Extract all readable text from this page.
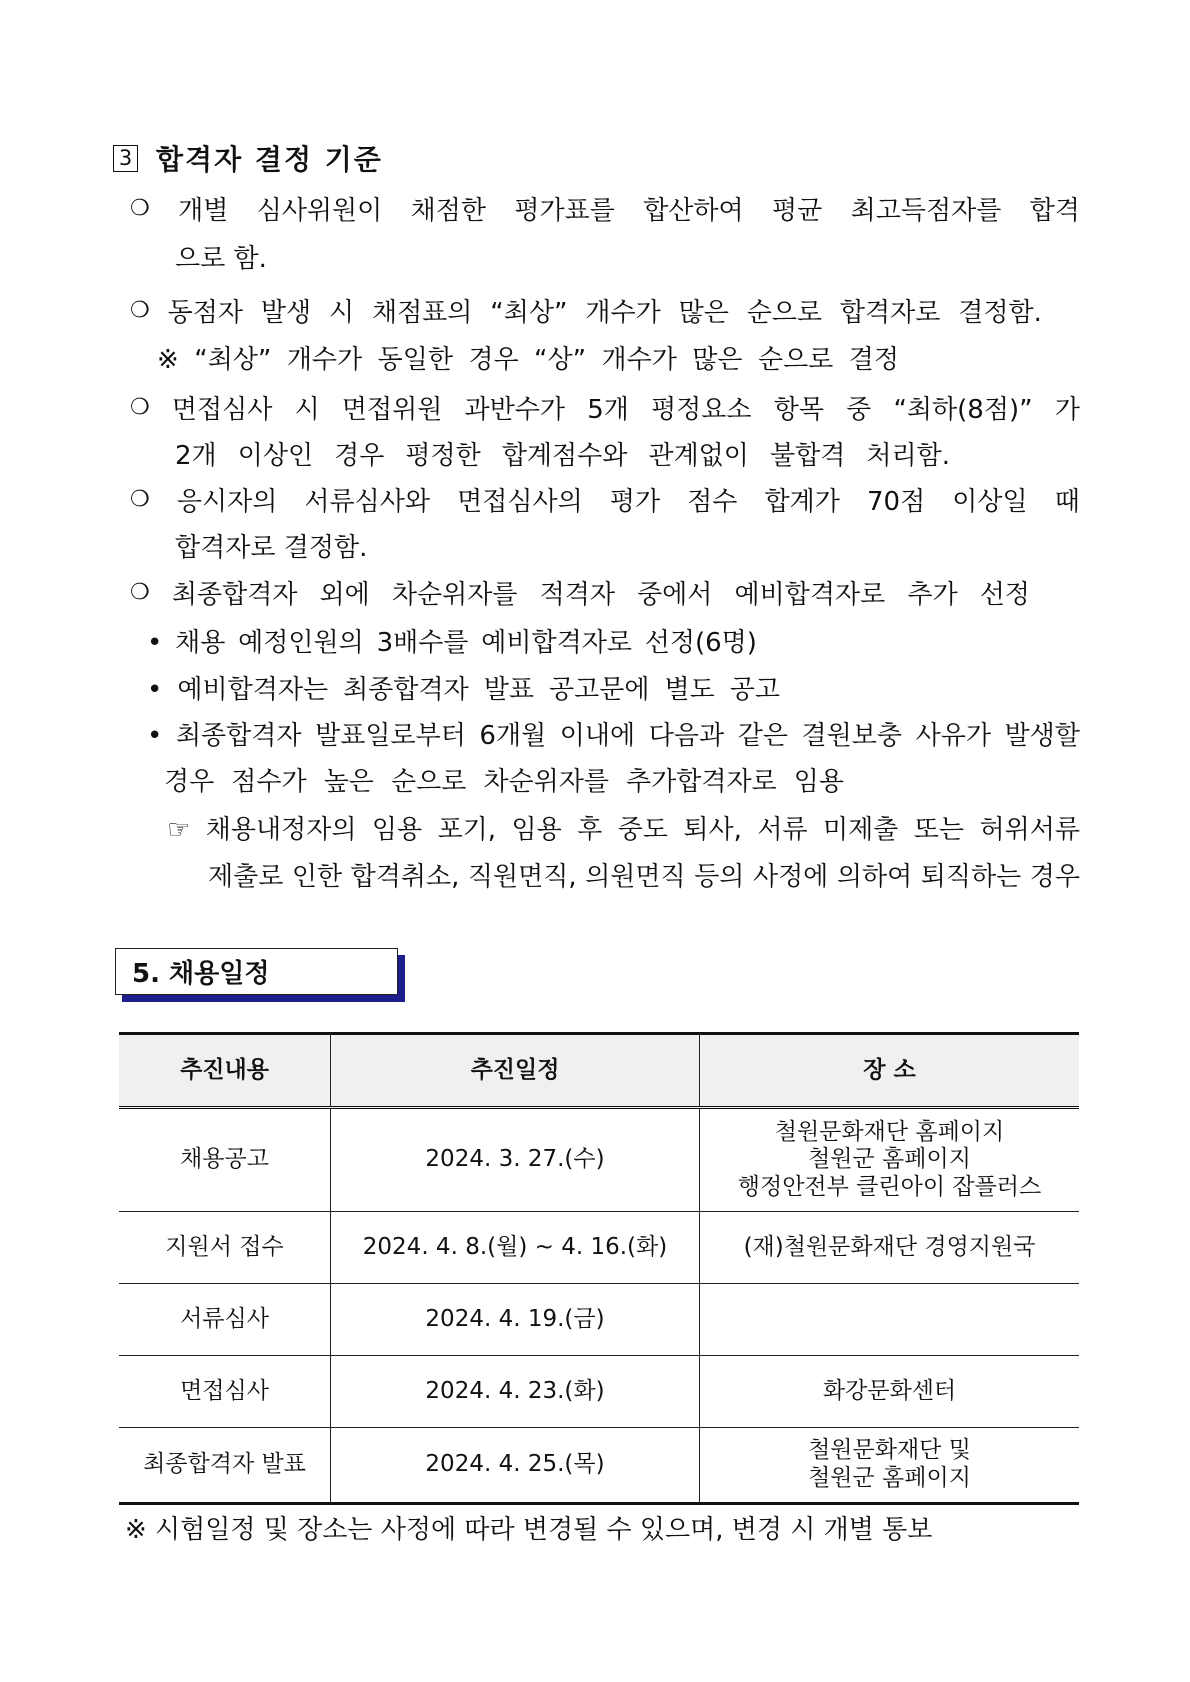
3 합격자 결정 기준
❍ 개별 심사위원이 채점한 평가표를 합산하여 평균 최고득점자를 합격
으로 함.
❍ 동점자 발생 시 채점표의 “최상” 개수가 많은 순으로 합격자로 결정함.
※ “최상” 개수가 동일한 경우 “상” 개수가 많은 순으로 결정
❍ 면접심사 시 면접위원 과반수가 5개 평정요소 항목 중 “최하(8점)” 가
2개 이상인 경우 평정한 합계점수와 관계없이 불합격 처리함.
❍ 응시자의 서류심사와 면접심사의 평가 점수 합계가 70점 이상일 때
합격자로 결정함.
❍ 최종합격자 외에 차순위자를 적격자 중에서 예비합격자로 추가 선정
• 채용 예정인원의 3배수를 예비합격자로 선정(6명)
• 예비합격자는 최종합격자 발표 공고문에 별도 공고
• 최종합격자 발표일로부터 6개월 이내에 다음과 같은 결원보충 사유가 발생할
경우 점수가 높은 순으로 차순위자를 추가합격자로 임용
☞ 채용내정자의 임용 포기, 임용 후 중도 퇴사, 서류 미제출 또는 허위서류
제출로 인한 합격취소, 직원면직, 의원면직 등의 사정에 의하여 퇴직하는 경우
5. 채용일정
추진내용	추진일정	장 소
채용공고	2024. 3. 27.(수)	철원문화재단 홈페이지
철원군 홈페이지
행정안전부 클린아이 잡플러스

지원서 접수	2024. 4. 8.(월) ~ 4. 16.(화)	(재)철원문화재단 경영지원국

서류심사	2024. 4. 19.(금)	

면접심사	2024. 4. 23.(화)	화강문화센터

최종합격자 발표	2024. 4. 25.(목)	철원문화재단 및
철원군 홈페이지
※ 시험일정 및 장소는 사정에 따라 변경될 수 있으며, 변경 시 개별 통보
